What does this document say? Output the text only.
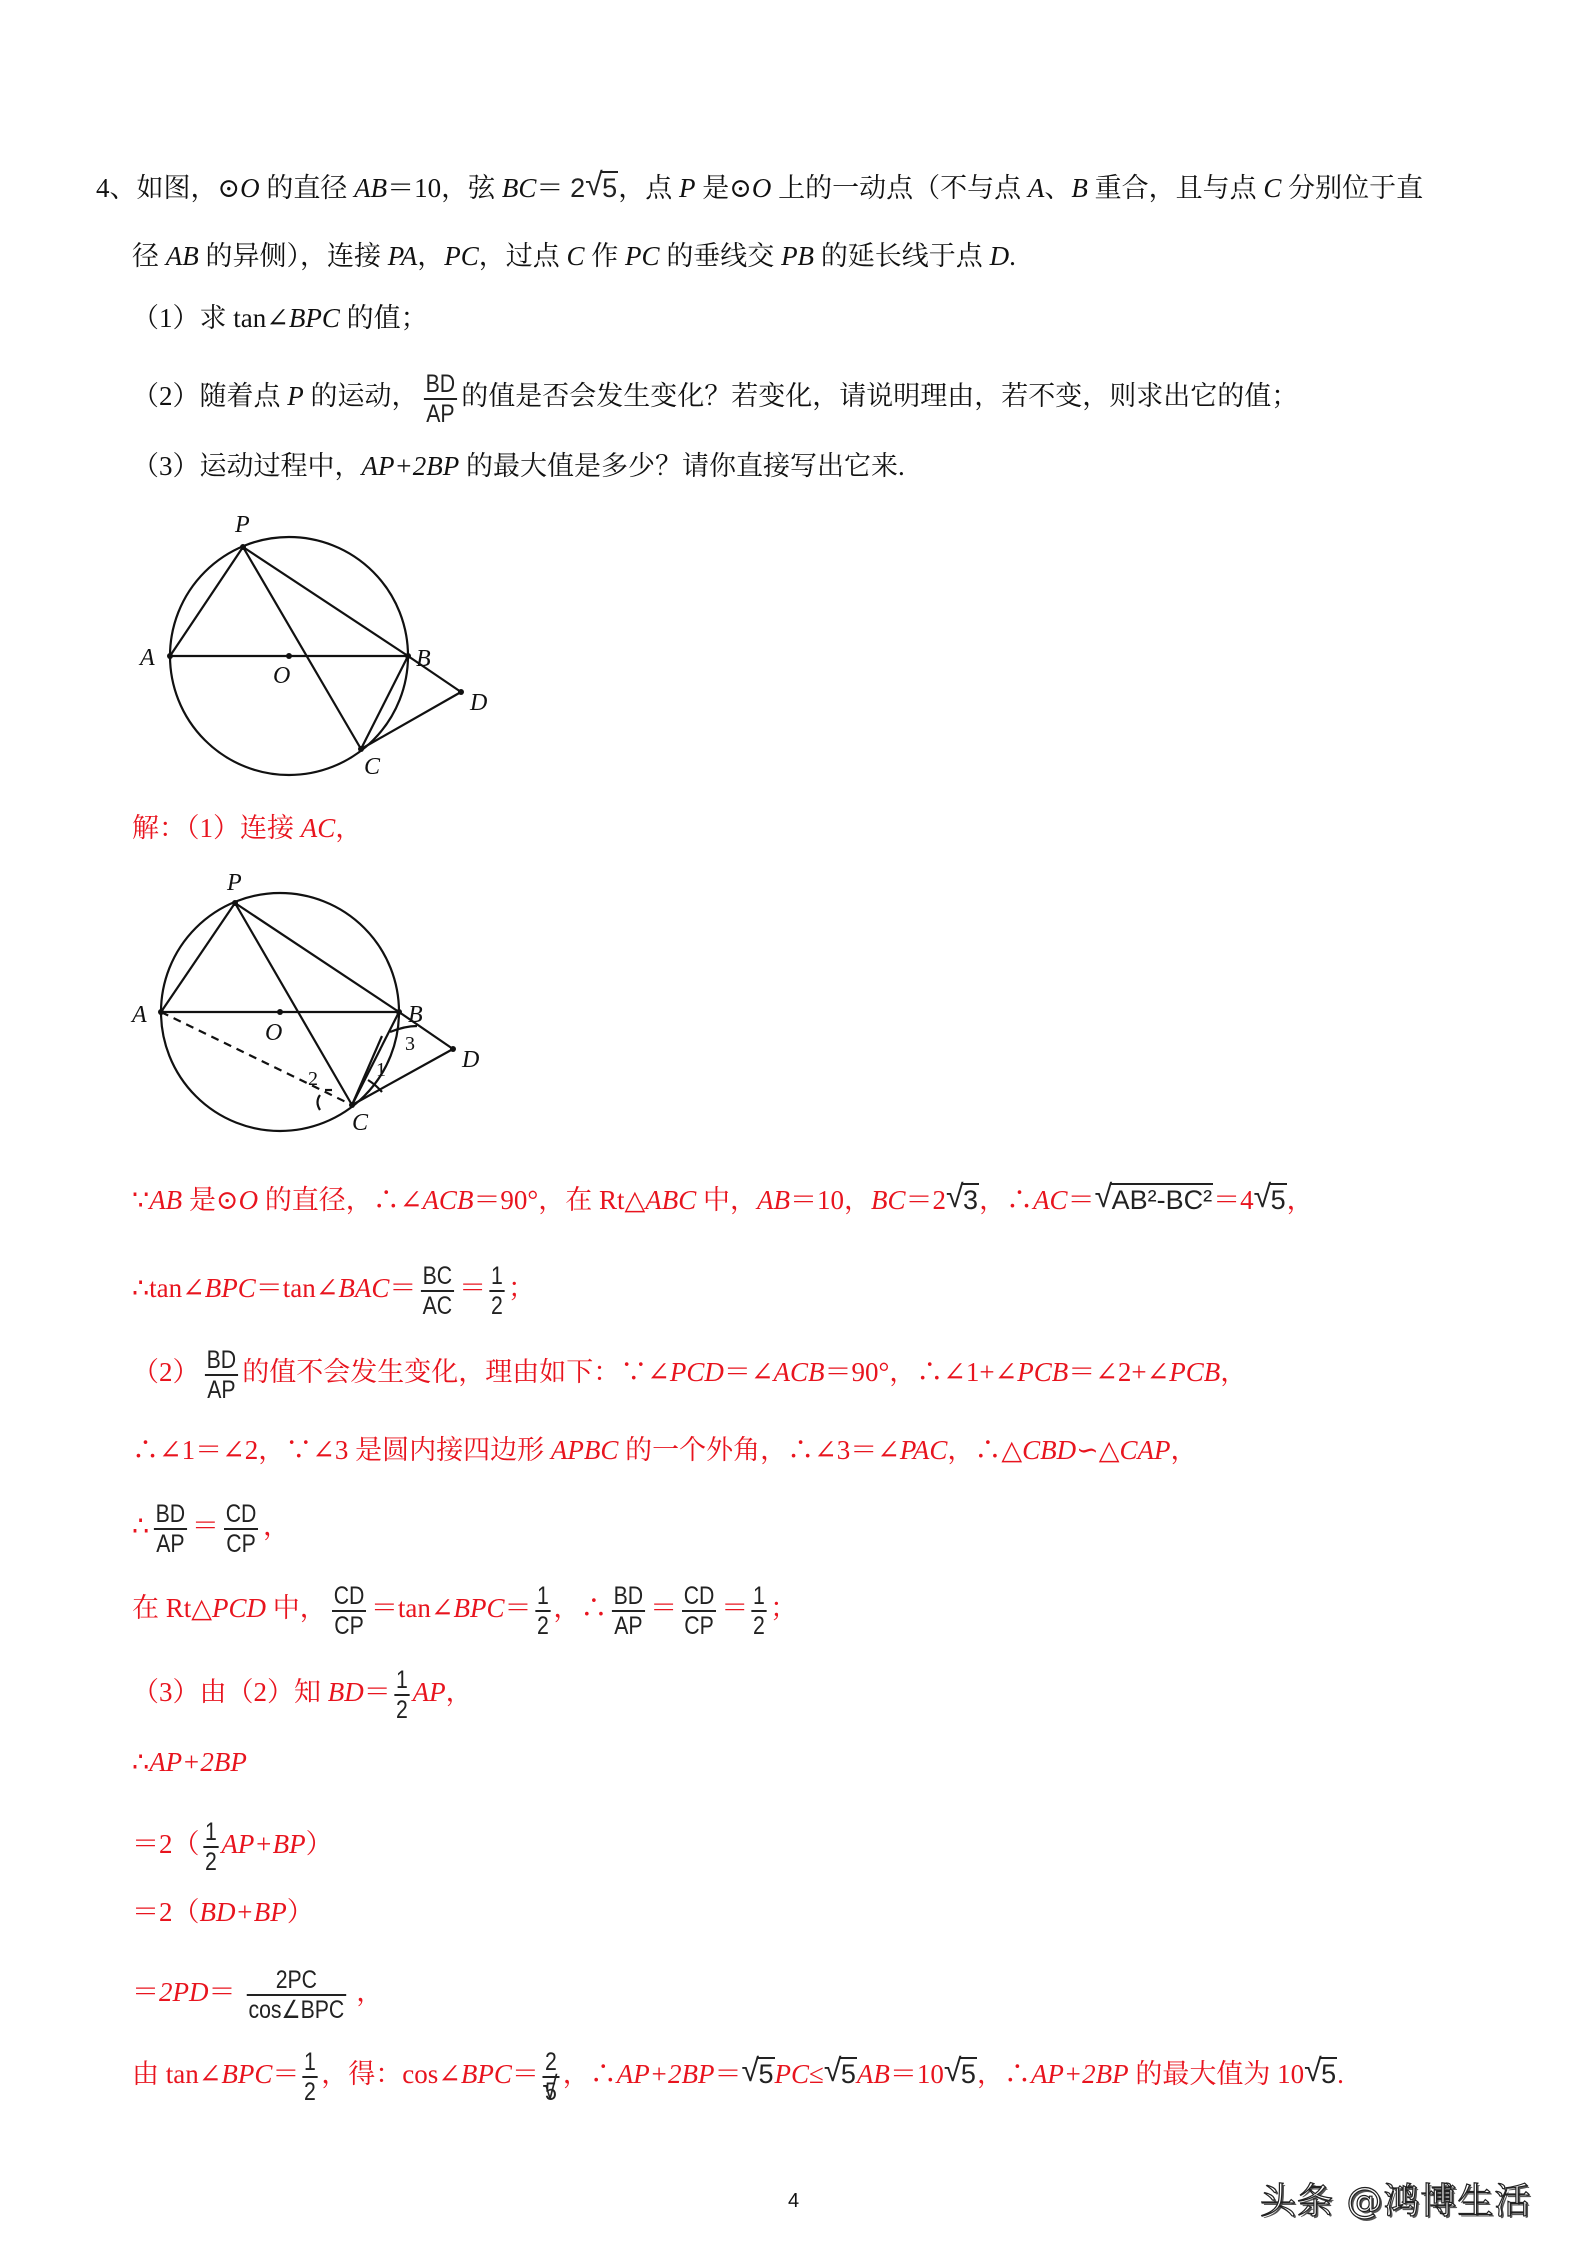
4、如图，⊙O 的直径 AB＝10，弦 BC＝ 2 √ 5，点 P 是⊙O 上的一动点（不与点 A、B 重合，且与点 C 分别位于直
径 AB 的异侧），连接 PA，PC，过点 C 作 PC 的垂线交 PB 的延长线于点 D.
（1）求 tan∠BPC 的值；
（2）随着点 P 的运动， $\frac{BD}{AP}$ 的值是否会发生变化？若变化，请说明理由，若不变，则求出它的值；
（3）运动过程中，AP+2BP 的最大值是多少？请你直接写出它来.
P
A
O
B
C
D
解：（1）连接 AC，
P
A
O
B
C
D
1
2
3
∵AB 是⊙O 的直径，∴∠ACB＝90°，在 Rt△ABC 中，AB＝10，BC＝2 √ 3，∴AC＝ √ AB²-BC²＝4 √ 5，
∴tan∠BPC＝tan∠BAC＝ $\frac{BC}{AC} = \frac{1}{2}$ ；
$(2) \frac{BD}{AP}$ 的值不会发生变化，理由如下：∵∠PCD＝∠ACB＝90°，∴∠1+∠PCB＝∠2+∠PCB，
∴∠1＝∠2，∵∠3 是圆内接四边形 APBC 的一个外角，∴∠3＝∠PAC，∴△CBD∽△CAP，
∴ $\frac{BD}{AP} = \frac{CD}{CP}$ ，
在 Rt△PCD 中， $\frac{CD}{CP}$ ＝tan∠BPC＝ $\frac{1}{2}$ ，∴ $\frac{BD}{AP} = \frac{CD}{CP} = \frac{1}{2}$ ；
（3）由（2）知 $BD= \frac{1}{2}$ AP，
∴AP+2BP
$=2( \frac{1}{2} AP+BP)$
＝2（BD+BP）
$=2PD= \frac{2PC}{\text{cos∠BPC}}$ ，
由 tan∠BPC＝ $\frac{1}{2}$ ，得：cos∠BPC＝ 2
√ 5 ，∴AP+2BP＝ √ 5PC≤ √ 5AB＝10 √ 5，∴AP+2BP 的最大值为 10 √ 5.
4	头条 @鸿博生活
